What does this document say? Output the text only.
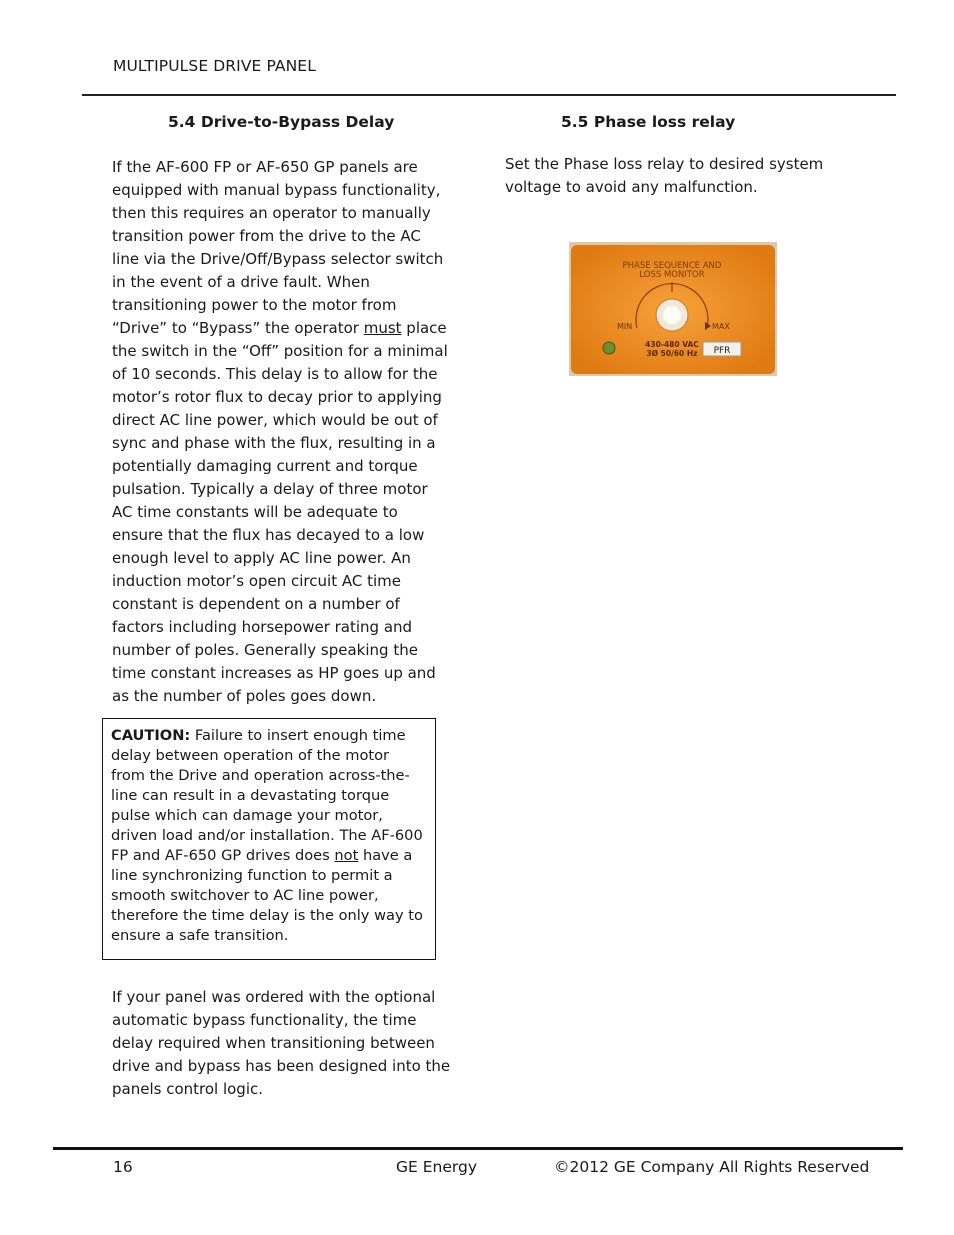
MULTIPULSE DRIVE PANEL
5.4 Drive-to-Bypass Delay	5.5 Phase loss relay
If the AF-600 FP or AF-650 GP panels are equipped with manual bypass functionality, then this requires an operator to manually transition power from the drive to the AC line via the Drive/Off/Bypass selector switch in the event of a drive fault. When transitioning power to the motor from “Drive” to “Bypass” the operator must place the switch in the “Off” position for a minimal of 10 seconds. This delay is to allow for the motor’s rotor flux to decay prior to applying direct AC line power, which would be out of sync and phase with the flux, resulting in a potentially damaging current and torque pulsation. Typically a delay of three motor AC time constants will be adequate to ensure that the flux has decayed to a low enough level to apply AC line power. An induction motor’s open circuit AC time constant is dependent on a number of factors including horsepower rating and number of poles. Generally speaking the time constant increases as HP goes up and as the number of poles goes down.
CAUTION: Failure to insert enough time delay between operation of the motor from the Drive and operation across-the-line can result in a devastating torque pulse which can damage your motor, driven load and/or installation. The AF-600 FP and AF-650 GP drives does not have a line synchronizing function to permit a smooth switchover to AC line power, therefore the time delay is the only way to ensure a safe transition.
If your panel was ordered with the optional automatic bypass functionality, the time delay required when transitioning between drive and bypass has been designed into the panels control logic.
Set the Phase loss relay to desired system voltage to avoid any malfunction.
PHASE SEQUENCE AND
LOSS MONITOR
MIN	MAX
430-480 VAC
3Ø 50/60 Hz PFR
16	GE Energy	©2012 GE Company All Rights Reserved
